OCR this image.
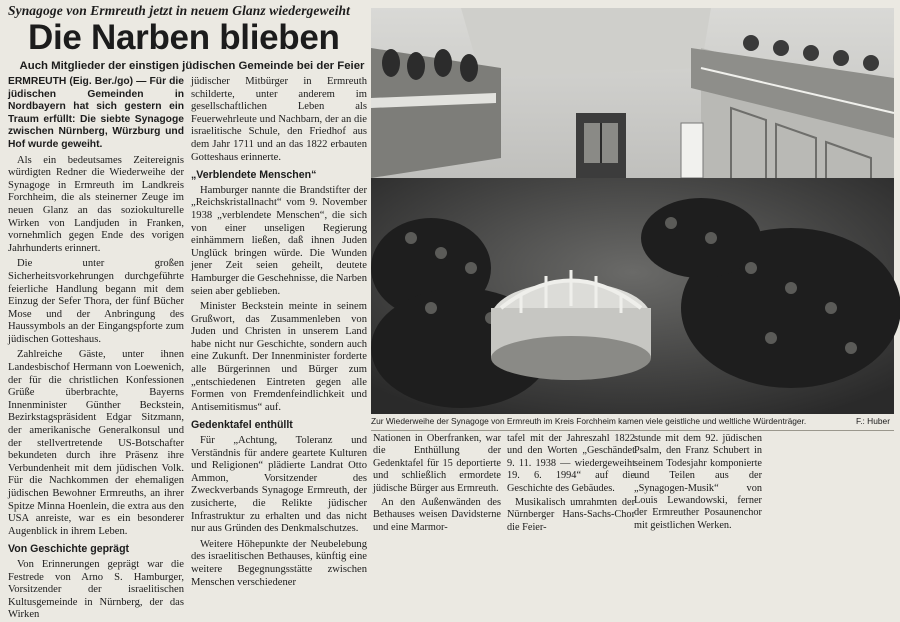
Synagoge von Ermreuth jetzt in neuem Glanz wiedergeweiht
Die Narben blieben
Auch Mitglieder der einstigen jüdischen Gemeinde bei der Feier

ERMREUTH (Eig. Ber./go) — Für die jüdischen Gemeinden in Nordbayern hat sich gestern ein Traum erfüllt: Die siebte Synagoge zwischen Nürnberg, Würzburg und Hof wurde geweiht.

Als ein bedeutsames Zeitereignis würdigten Redner die Wiederweihe der Synagoge in Ermreuth im Landkreis Forchheim, die als steinerner Zeuge im neuen Glanz an das soziokulturelle Wirken von Landjuden in Franken, vornehmlich gegen Ende des vorigen Jahrhunderts erinnert.

Die unter großen Sicherheitsvorkehrungen durchgeführte feierliche Handlung begann mit dem Einzug der Sefer Thora, der fünf Bücher Mose und der Anbringung des Haussymbols an der Eingangspforte zum jüdischen Gotteshaus.

Zahlreiche Gäste, unter ihnen Landesbischof Hermann von Loewenich, der für die christlichen Konfessionen Grüße überbrachte, Bayerns Innenminister Günther Beckstein, Bezirkstagspräsident Edgar Sitzmann, der amerikanische Generalkonsul und der stellvertretende US-Botschafter bekundeten durch ihre Präsenz ihre Verbundenheit mit dem jüdischen Volk. Für die Nachkommen der ehemaligen jüdischen Bewohner Ermreuths, an ihrer Spitze Minna Hoenlein, die extra aus den USA anreiste, war es ein besonderer Augenblick in ihrem Leben.

Von Geschichte geprägt

Von Erinnerungen geprägt war die Festrede von Arno S. Hamburger, Vorsitzender der israelitischen Kultusgemeinde in Nürnberg, der das Wirken

jüdischer Mitbürger in Ermreuth schilderte, unter anderem im gesellschaftlichen Leben als Feuerwehrleute und Nachbarn, der an die israelitische Schule, den Friedhof aus dem Jahr 1711 und an das 1822 erbauten Gotteshaus erinnerte.

„Verblendete Menschen“

Hamburger nannte die Brandstifter der „Reichskristallnacht“ vom 9. November 1938 „verblendete Menschen“, die sich von einer unseligen Regierung einhämmern ließen, daß ihnen Juden Unglück bringen würde. Die Wunden jener Zeit seien geheilt, deutete Hamburger die Geschehnisse, die Narben seien aber geblieben.

Minister Beckstein meinte in seinem Grußwort, das Zusammenleben von Juden und Christen in unserem Land habe nicht nur Geschichte, sondern auch eine Zukunft. Der Innenminister forderte alle Bürgerinnen und Bürger zum „entschiedenen Eintreten gegen alle Formen von Fremdenfeindlichkeit und Antisemitismus“ auf.

Gedenktafel enthüllt

Für „Achtung, Toleranz und Verständnis für andere geartete Kulturen und Religionen“ plädierte Landrat Otto Ammon, Vorsitzender des Zweckverbands Synagoge Ermreuth, der zusicherte, die Relikte jüdischer Infrastruktur zu erhalten und das nicht nur aus Gründen des Denkmalschutzes.

Weitere Höhepunkte der Neubelebung des israelitischen Bethauses, künftig eine weitere Begegnungsstätte zwischen Menschen verschiedener

Zur Wiederweihe der Synagoge von Ermreuth im Kreis Forchheim kamen viele geistliche und weltliche Würdenträger.	F.: Huber

Nationen in Oberfranken, war die Enthüllung der Gedenktafel für 15 deportierte und schließlich ermordete jüdische Bürger aus Ermreuth.

An den Außenwänden des Bethauses weisen Davidsterne und eine Marmor-

tafel mit der Jahreszahl 1822 und den Worten „Geschändet 9. 11. 1938 — wiedergeweiht 19. 6. 1994“ auf die Geschichte des Gebäudes.

Musikalisch umrahmten der Nürnberger Hans-Sachs-Chor die Feier-

stunde mit dem 92. jüdischen Psalm, den Franz Schubert in seinem Todesjahr komponierte und Teilen aus der „Synagogen-Musik“ von Louis Lewandowski, ferner der Ermreuther Posaunenchor mit geistlichen Werken.
